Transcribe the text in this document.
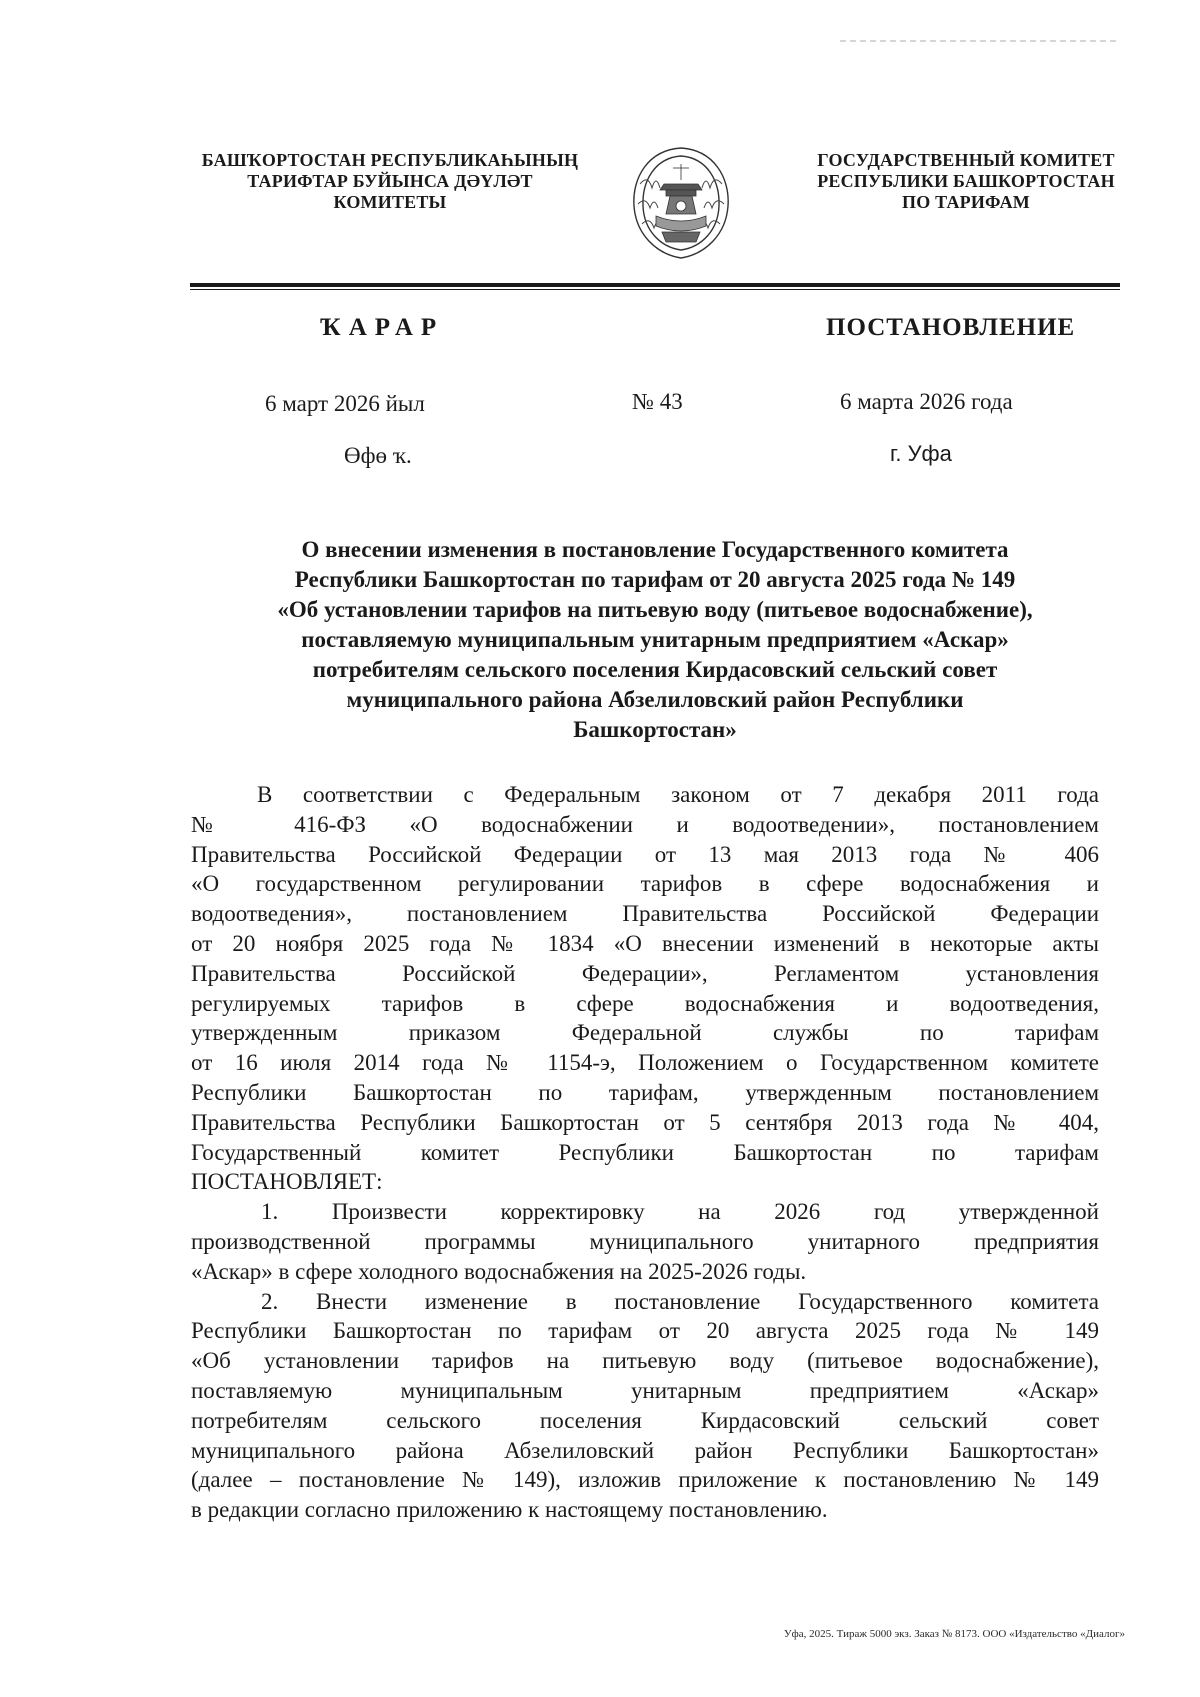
БАШҠОРТОСТАН РЕСПУБЛИКАҺЫНЫҢ
ТАРИФТАР БУЙЫНСА ДӘҮЛӘТ
КОМИТЕТЫ
ГОСУДАРСТВЕННЫЙ КОМИТЕТ
РЕСПУБЛИКИ БАШКОРТОСТАН
ПО ТАРИФАМ
ҠАРАР	ПОСТАНОВЛЕНИЕ
6 март 2026 йыл	№ 43	6 марта 2026 года
Өфө ҡ.	г. Уфа
О внесении изменения в постановление Государственного комитета
Республики Башкортостан по тарифам от 20 августа 2025 года № 149
«Об установлении тарифов на питьевую воду (питьевое водоснабжение),
поставляемую муниципальным унитарным предприятием «Аскар»
потребителям сельского поселения Кирдасовский сельский совет
муниципального района Абзелиловский район Республики
Башкортостан»
В соответствии с Федеральным законом от 7 декабря 2011 года
№ 416-ФЗ «О водоснабжении и водоотведении», постановлением
Правительства Российской Федерации от 13 мая 2013 года № 406
«О государственном регулировании тарифов в сфере водоснабжения и
водоотведения», постановлением Правительства Российской Федерации
от 20 ноября 2025 года № 1834 «О внесении изменений в некоторые акты
Правительства Российской Федерации», Регламентом установления
регулируемых тарифов в сфере водоснабжения и водоотведения,
утвержденным приказом Федеральной службы по тарифам
от 16 июля 2014 года № 1154-э, Положением о Государственном комитете
Республики Башкортостан по тарифам, утвержденным постановлением
Правительства Республики Башкортостан от 5 сентября 2013 года № 404,
Государственный комитет Республики Башкортостан по тарифам
ПОСТАНОВЛЯЕТ:
1. Произвести корректировку на 2026 год утвержденной
производственной программы муниципального унитарного предприятия
«Аскар» в сфере холодного водоснабжения на 2025-2026 годы.
2. Внести изменение в постановление Государственного комитета
Республики Башкортостан по тарифам от 20 августа 2025 года № 149
«Об установлении тарифов на питьевую воду (питьевое водоснабжение),
поставляемую муниципальным унитарным предприятием «Аскар»
потребителям сельского поселения Кирдасовский сельский совет
муниципального района Абзелиловский район Республики Башкортостан»
(далее – постановление № 149), изложив приложение к постановлению № 149
в редакции согласно приложению к настоящему постановлению.
Уфа, 2025. Тираж 5000 экз. Заказ № 8173. ООО «Издательство «Диалог»
